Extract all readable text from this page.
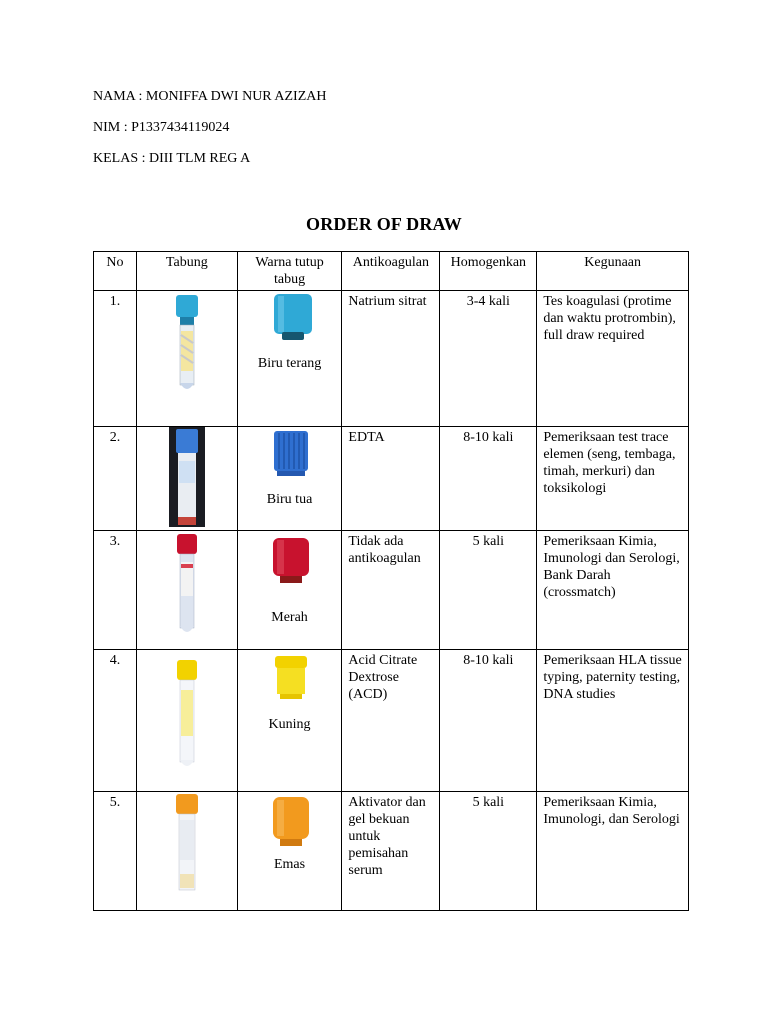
NAMA : MONIFFA DWI NUR AZIZAH
NIM : P1337434119024
KELAS : DIII TLM REG A
ORDER OF DRAW
No	Tabung	Warna tutup tabug	Antikoagulan	Homogenkan	Kegunaan
1.		Biru terang	Natrium sitrat	3-4 kali	Tes koagulasi (protime dan waktu protrombin), full draw required
2.		Biru tua	EDTA	8-10 kali	Pemeriksaan test trace elemen (seng, tembaga, timah, merkuri) dan toksikologi
3.		Merah	Tidak ada antikoagulan	5 kali	Pemeriksaan Kimia, Imunologi dan Serologi, Bank Darah (crossmatch)
4.		Kuning	Acid Citrate Dextrose (ACD)	8-10 kali	Pemeriksaan HLA tissue typing, paternity testing, DNA studies
5.		Emas	Aktivator dan gel bekuan untuk pemisahan serum	5 kali	Pemeriksaan Kimia, Imunologi, dan Serologi
